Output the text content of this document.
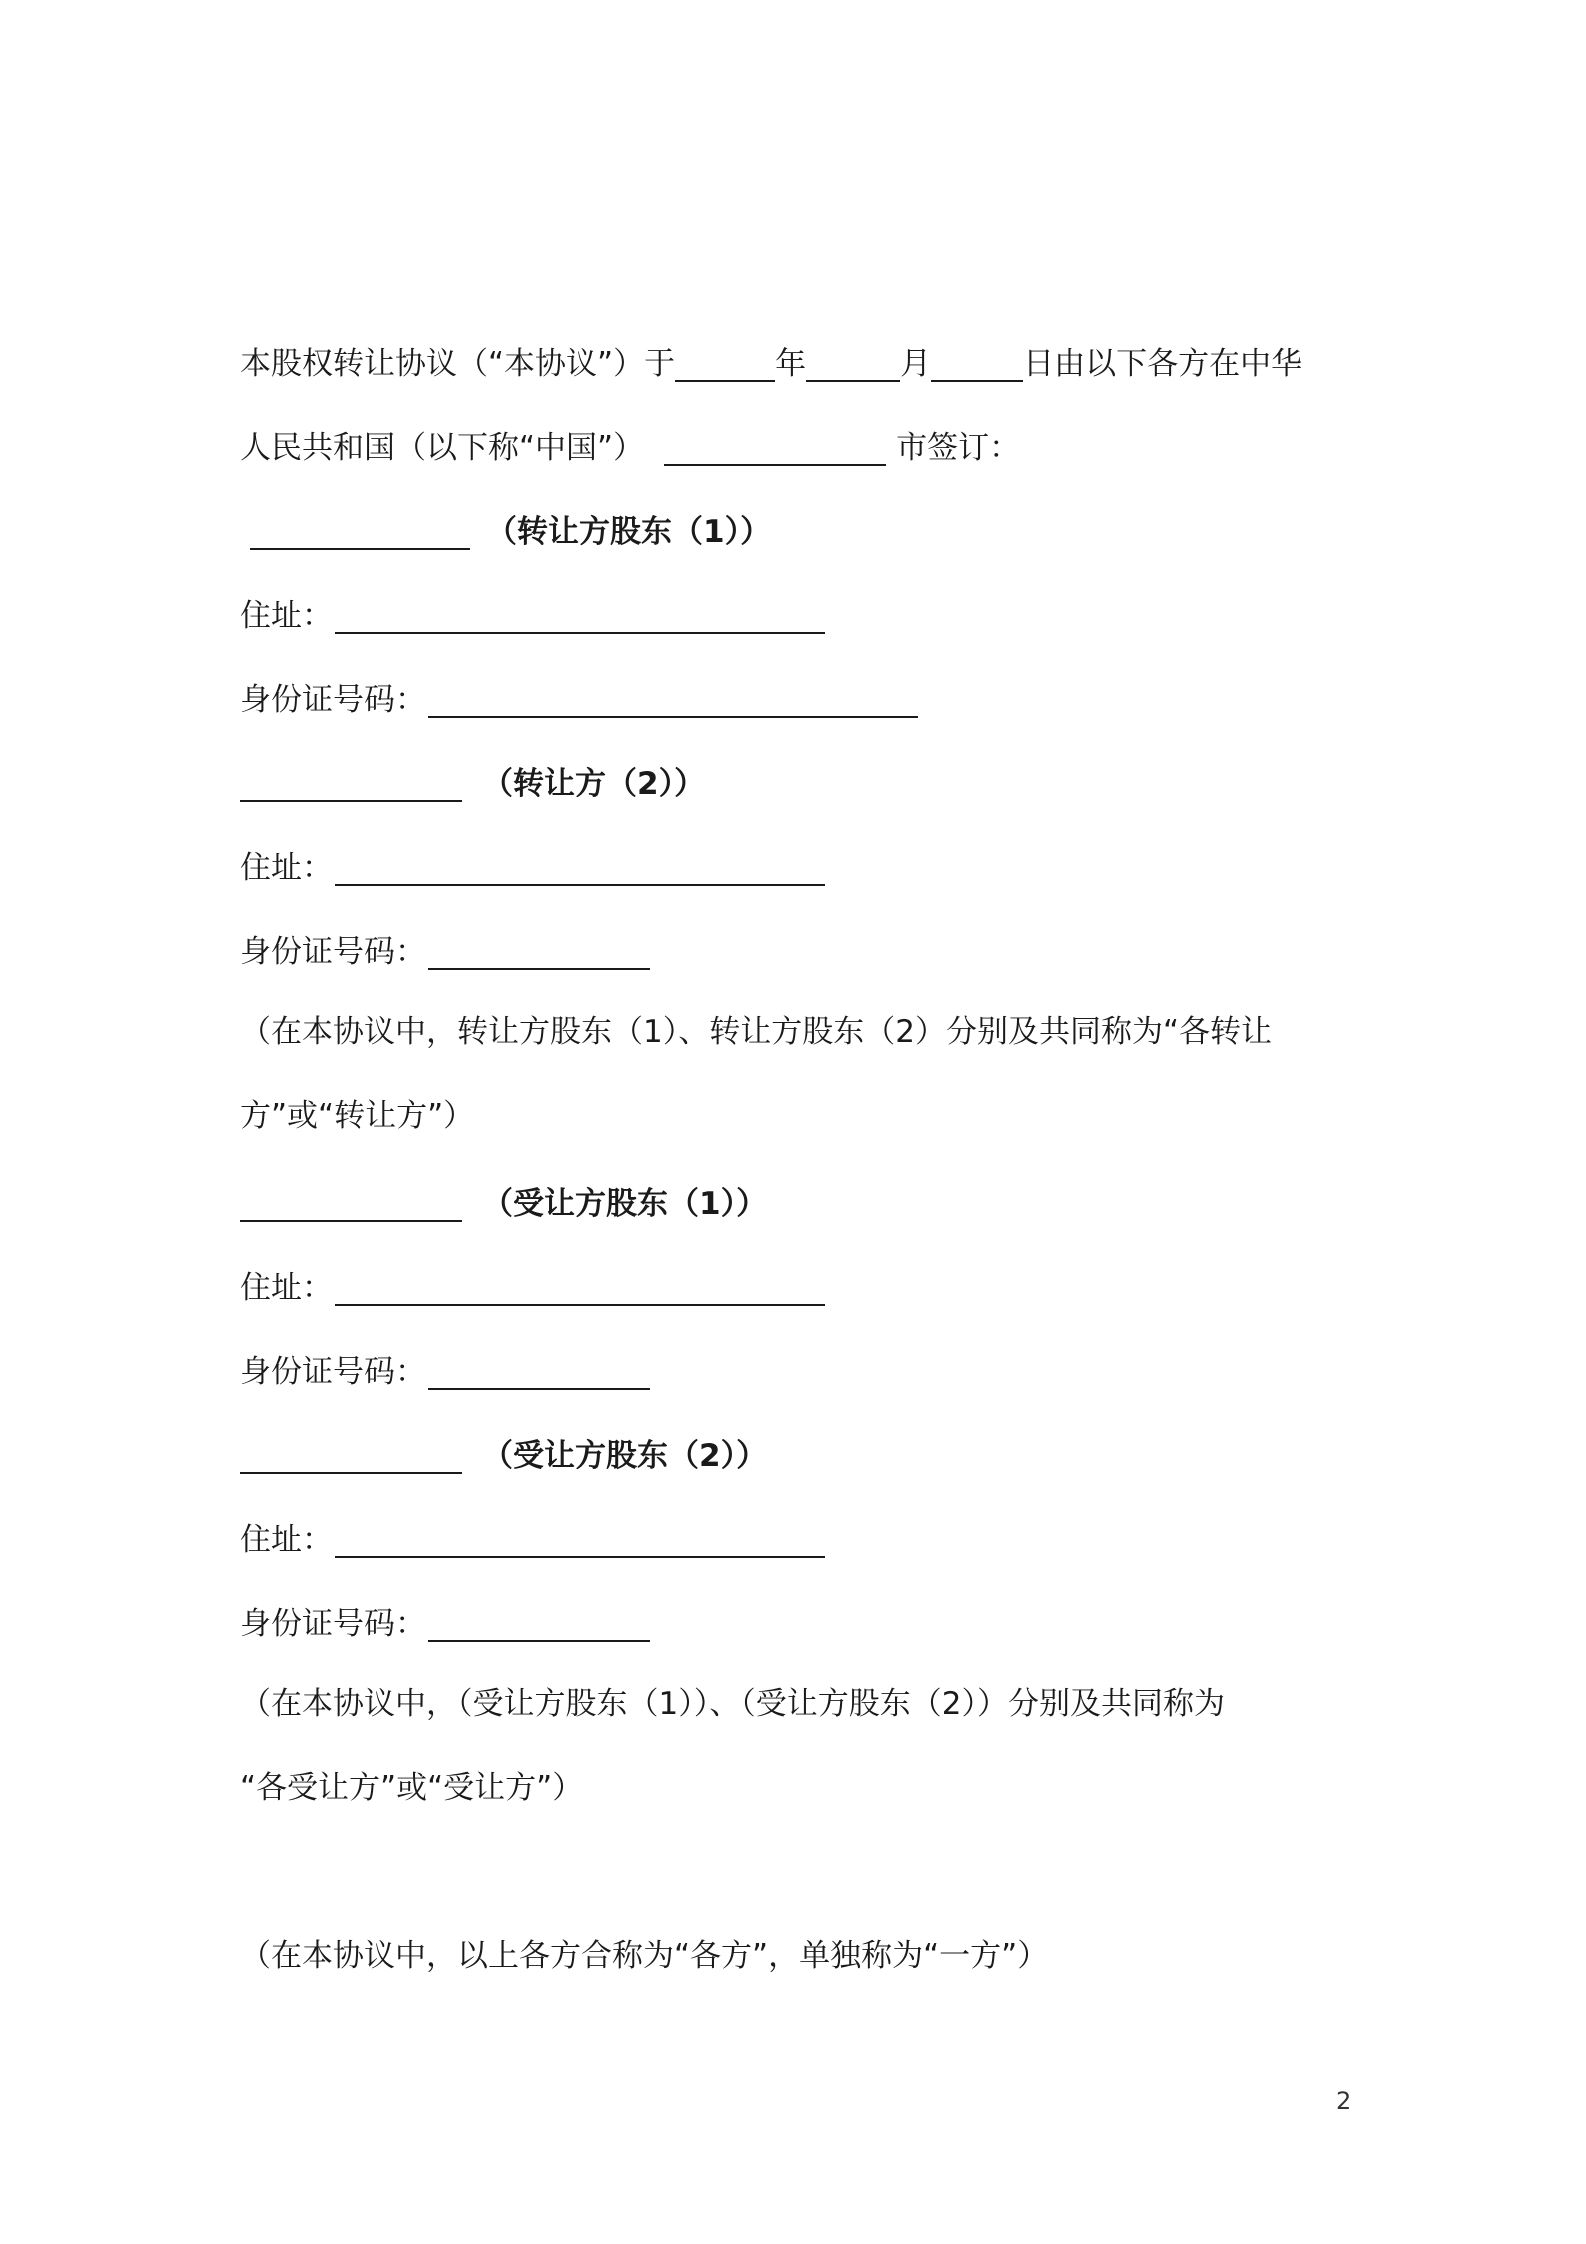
本股权转让协议（“本协议”）于	年	月	日由以下各方在中华
人民共和国（以下称“中国”）	市签订：
（转让方股东（1））
住址：
身份证号码：
（转让方（2））
住址：
身份证号码：
（在本协议中，转让方股东（1）、转让方股东（2）分别及共同称为“各转让
方”或“转让方”）
（受让方股东（1））
住址：
身份证号码：
（受让方股东（2））
住址：
身份证号码：
（在本协议中，（受让方股东（1））、（受让方股东（2））分别及共同称为
“各受让方”或“受让方”）
（在本协议中，以上各方合称为“各方”，单独称为“一方”）
2
